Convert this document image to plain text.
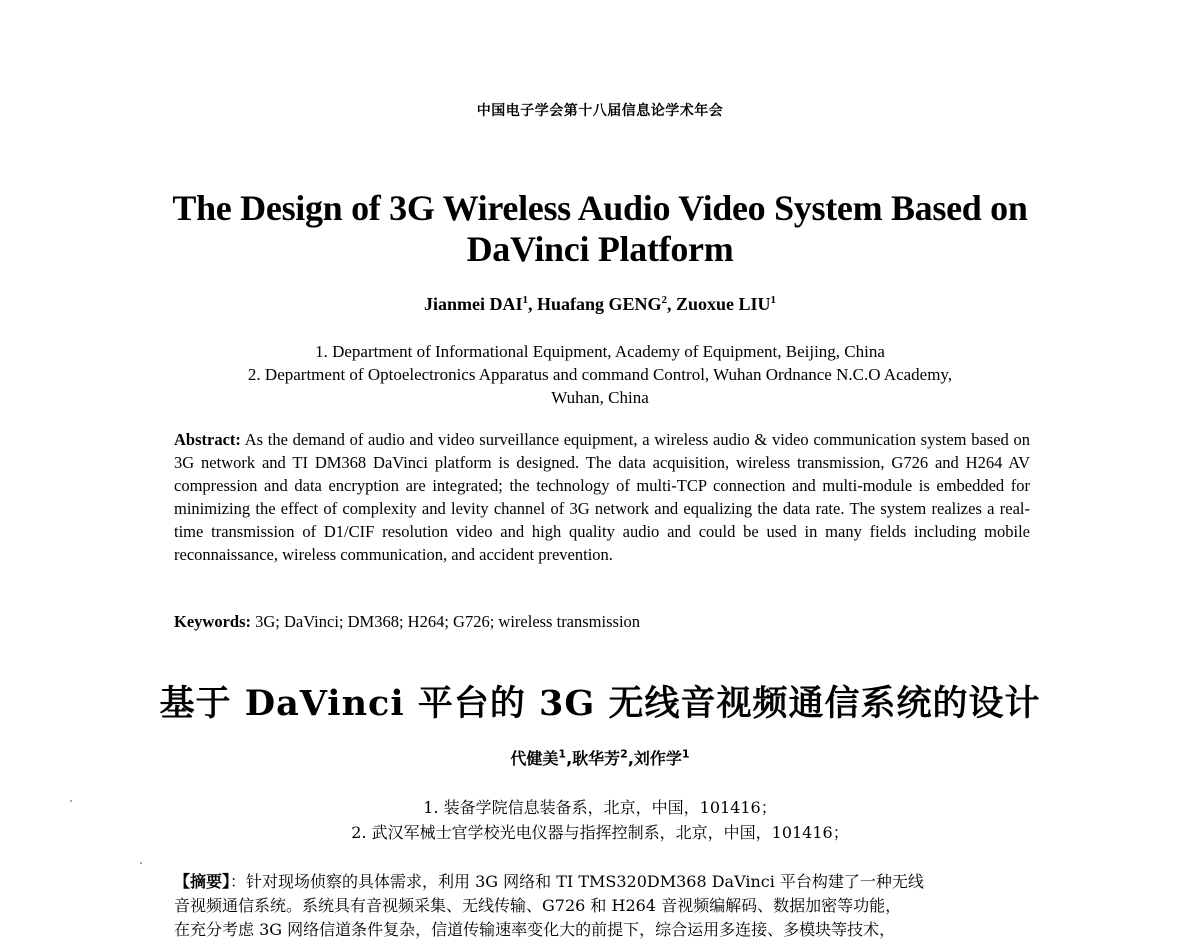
中国电子学会第十八届信息论学术年会
The Design of 3G Wireless Audio Video System Based on
DaVinci Platform
Jianmei DAI$^1$, Huafang GENG$^2$, Zuoxue LIU$^1$
1. Department of Informational Equipment, Academy of Equipment, Beijing, China
2. Department of Optoelectronics Apparatus and command Control, Wuhan Ordnance N.C.O Academy,
Wuhan, China
Abstract: As the demand of audio and video surveillance equipment, a wireless audio & video communication system based on 3G network and TI DM368 DaVinci platform is designed. The data acquisition, wireless transmission, G726 and H264 AV compression and data encryption are integrated; the technology of multi-TCP connection and multi-module is embedded for minimizing the effect of complexity and levity channel of 3G network and equalizing the data rate. The system realizes a real-time transmission of D1/CIF resolution video and high quality audio and could be used in many fields including mobile reconnaissance, wireless communication, and accident prevention.
Keywords: 3G; DaVinci; DM368; H264; G726; wireless transmission
基于 DaVinci 平台的 3G 无线音视频通信系统的设计
代健美$^1$,耿华芳$^2$,刘作学$^1$
1. 装备学院信息装备系，北京，中国，101416；
2. 武汉军械士官学校光电仪器与指挥控制系，北京，中国，101416；
【摘要】：针对现场侦察的具体需求，利用 3G 网络和 TI TMS320DM368 DaVinci 平台构建了一种无线
音视频通信系统。系统具有音视频采集、无线传输、G726 和 H264 音视频编解码、数据加密等功能，
在充分考虑 3G 网络信道条件复杂，信道传输速率变化大的前提下，综合运用多连接、多模块等技术，
